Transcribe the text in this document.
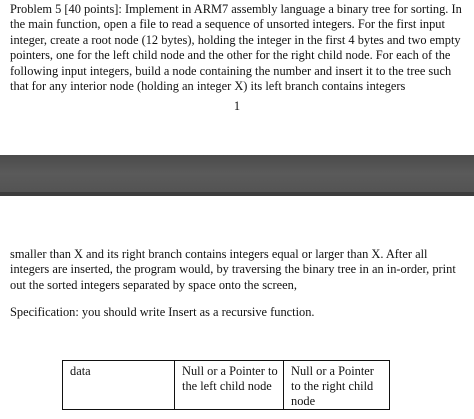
Problem 5 [40 points]: Implement in ARM7 assembly language a binary tree for sorting. In the main function, open a file to read a sequence of unsorted integers. For the first input integer, create a root node (12 bytes), holding the integer in the first 4 bytes and two empty pointers, one for the left child node and the other for the right child node. For each of the following input integers, build a node containing the number and insert it to the tree such that for any interior node (holding an integer X) its left branch contains integers

1

smaller than X and its right branch contains integers equal or larger than X. After all integers are inserted, the program would, by traversing the binary tree in an in-order, print out the sorted integers separated by space onto the screen,

Specification: you should write Insert as a recursive function.

data	Null or a Pointer to the left child node	Null or a Pointer to the right child node
